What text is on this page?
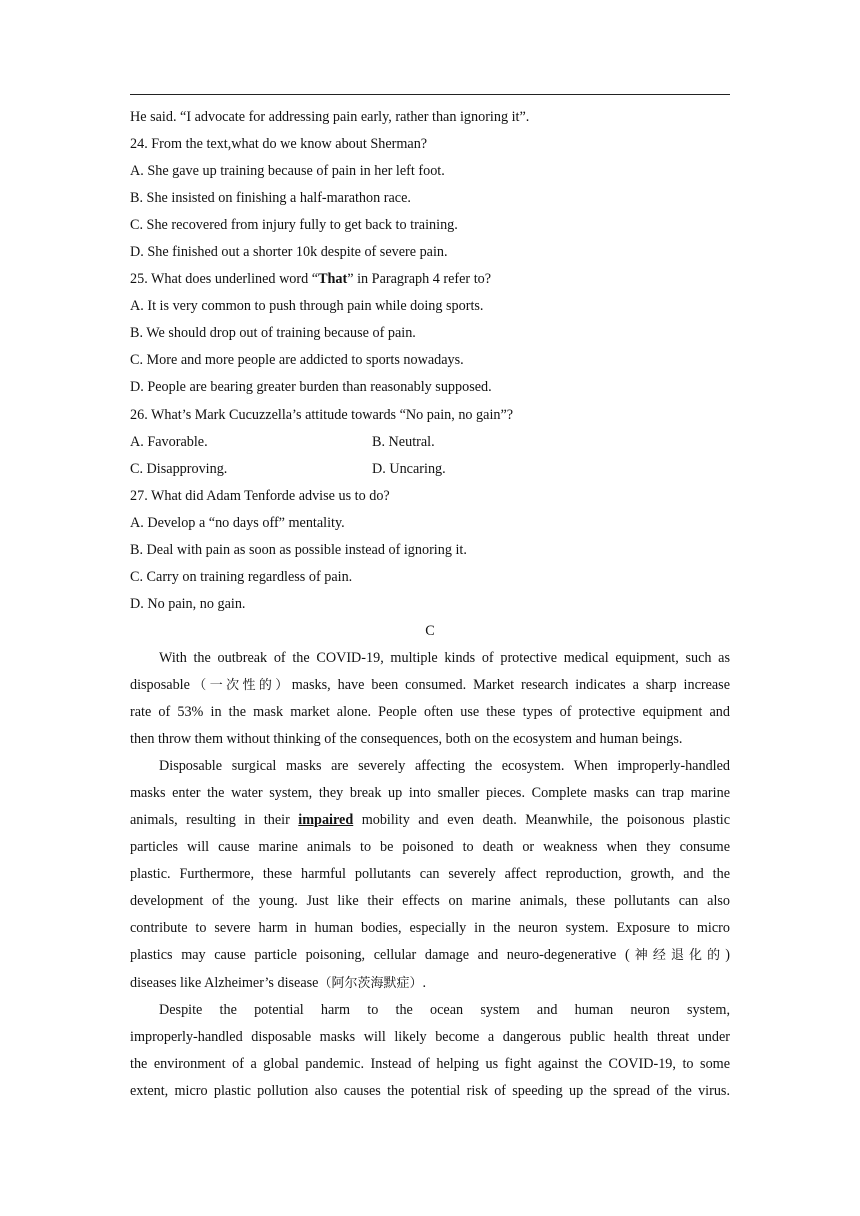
He said. “I advocate for addressing pain early, rather than ignoring it”.
24. From the text,what do we know about Sherman?
A. She gave up training because of pain in her left foot.
B. She insisted on finishing a half-marathon race.
C. She recovered from injury fully to get back to training.
D. She finished out a shorter 10k despite of severe pain.
25. What does underlined word “That” in Paragraph 4 refer to?
A. It is very common to push through pain while doing sports.
B. We should drop out of training because of pain.
C. More and more people are addicted to sports nowadays.
D. People are bearing greater burden than reasonably supposed.
26. What’s Mark Cucuzzella’s attitude towards “No pain, no gain”?
A. Favorable.	B. Neutral.
C. Disapproving.	D. Uncaring.
27. What did Adam Tenforde advise us to do?
A. Develop a “no days off” mentality.
B. Deal with pain as soon as possible instead of ignoring it.
C. Carry on training regardless of pain.
D. No pain, no gain.
C
With the outbreak of the COVID-19, multiple kinds of protective medical equipment, such as
disposable（一次性的）masks, have been consumed. Market research indicates a sharp increase
rate of 53% in the mask market alone. People often use these types of protective equipment and
then throw them without thinking of the consequences, both on the ecosystem and human beings.
Disposable surgical masks are severely affecting the ecosystem. When improperly-handled
masks enter the water system, they break up into smaller pieces. Complete masks can trap marine
animals, resulting in their impaired mobility and even death. Meanwhile, the poisonous plastic
particles will cause marine animals to be poisoned to death or weakness when they consume
plastic. Furthermore, these harmful pollutants can severely affect reproduction, growth, and the
development of the young. Just like their effects on marine animals, these pollutants can also
contribute to severe harm in human bodies, especially in the neuron system. Exposure to micro
plastics may cause particle poisoning, cellular damage and neuro-degenerative (神经退化的)
diseases like Alzheimer’s disease（阿尔茨海默症）.
Despite the potential harm to the ocean system and human neuron system,
improperly-handled disposable masks will likely become a dangerous public health threat under
the environment of a global pandemic. Instead of helping us fight against the COVID-19, to some
extent, micro plastic pollution also causes the potential risk of speeding up the spread of the virus.
